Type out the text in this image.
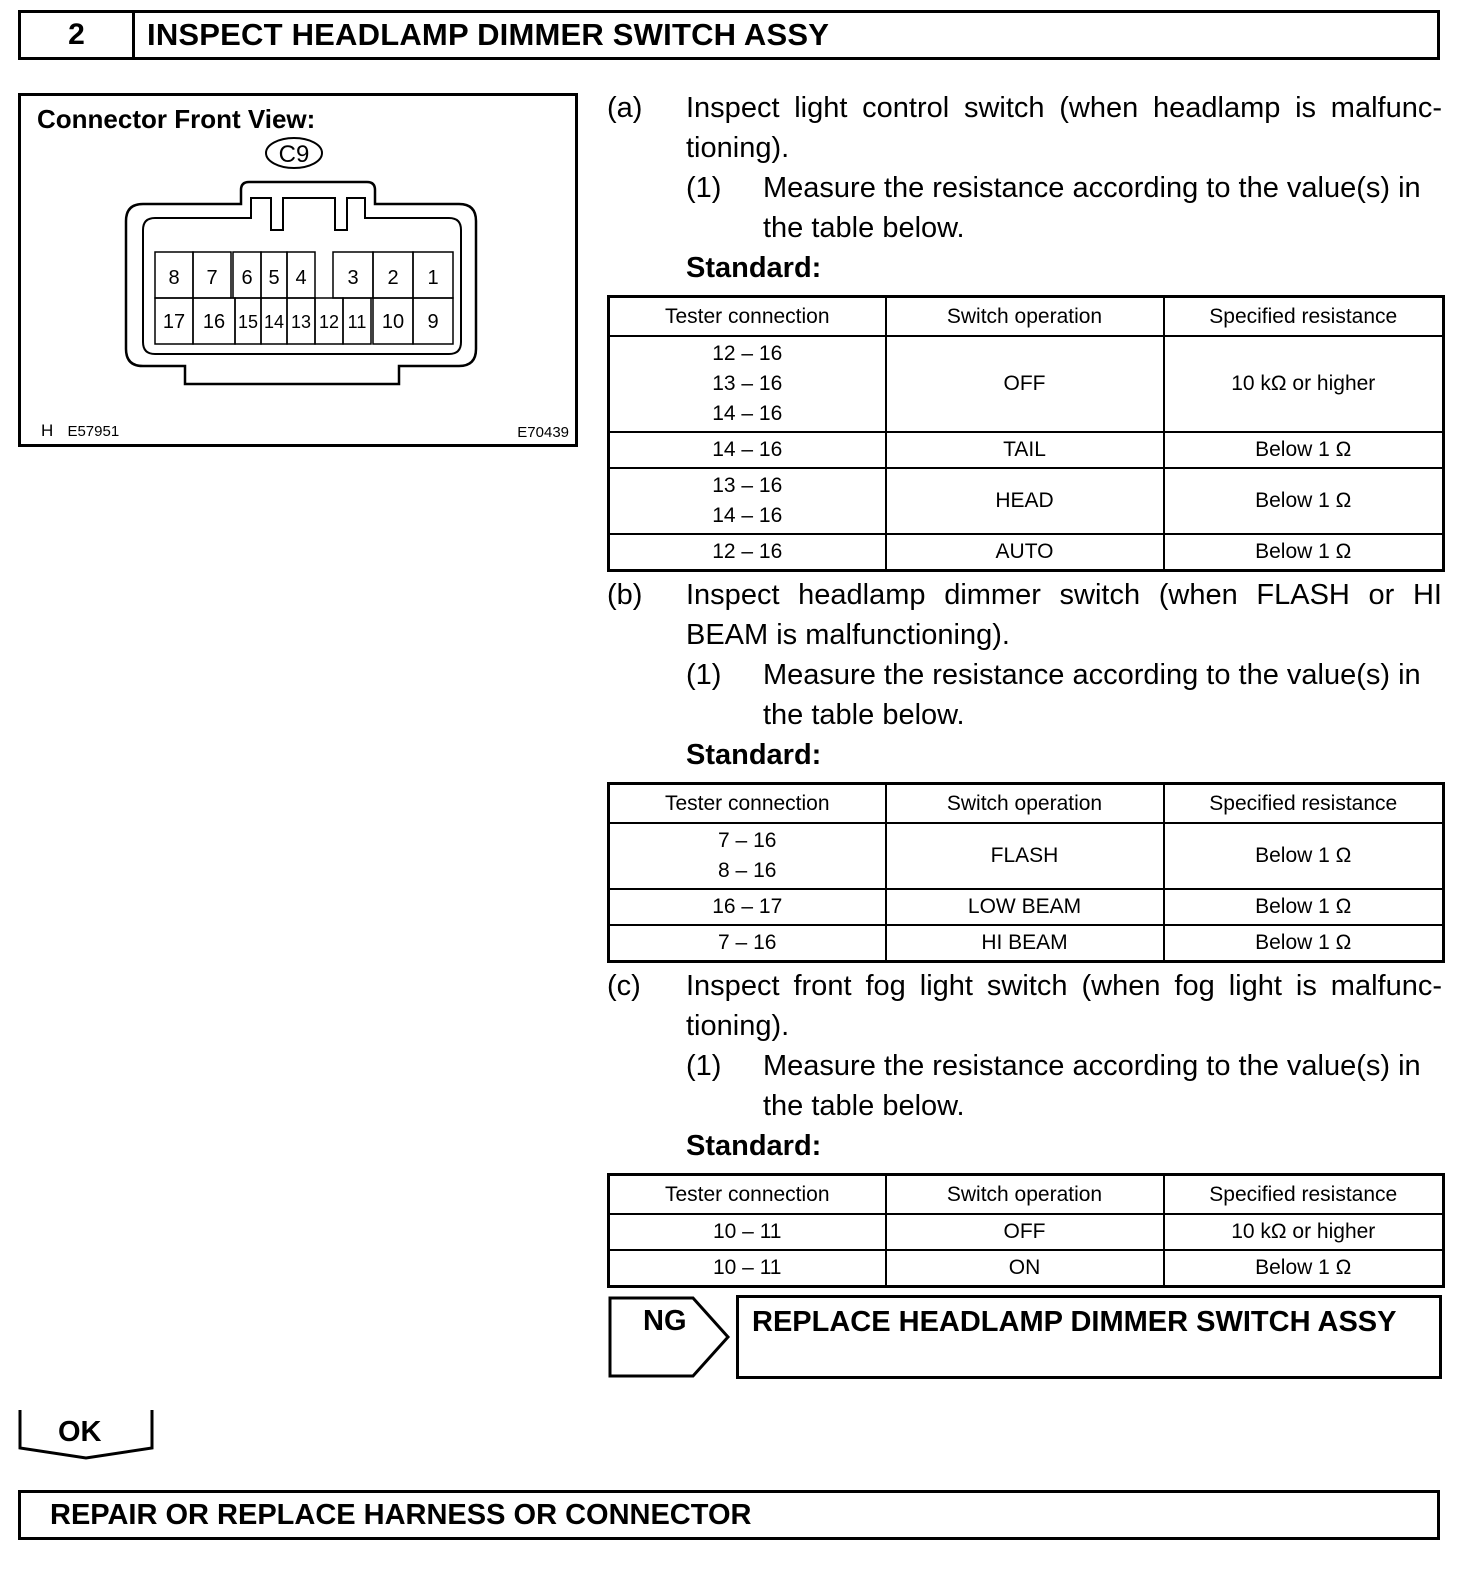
2	INSPECT HEADLAMP DIMMER SWITCH ASSY
Connector Front View:
C9
8 7 6 5 4 3 2 1
17 16 15 14 13 12 11 10 9
H E57951	E70439
(a) Inspect light control switch (when headlamp is malfunc-tioning).
(1) Measure the resistance according to the value(s) in the table below.
Standard:
Tester connection	Switch operation	Specified resistance

12 – 16
13 – 16
14 – 16	OFF	10 kΩ or higher

14 – 16	TAIL	Below 1 Ω

13 – 16
14 – 16	HEAD	Below 1 Ω

12 – 16	AUTO	Below 1 Ω
(b) Inspect headlamp dimmer switch (when FLASH or HI BEAM is malfunctioning).
(1) Measure the resistance according to the value(s) in the table below.
Standard:
Tester connection	Switch operation	Specified resistance

7 – 16
8 – 16	FLASH	Below 1 Ω

16 – 17	LOW BEAM	Below 1 Ω

7 – 16	HI BEAM	Below 1 Ω
(c) Inspect front fog light switch (when fog light is malfunc-tioning).
(1) Measure the resistance according to the value(s) in the table below.
Standard:
Tester connection	Switch operation	Specified resistance

10 – 11	OFF	10 kΩ or higher

10 – 11	ON	Below 1 Ω
NG	REPLACE HEADLAMP DIMMER SWITCH ASSY
OK
REPAIR OR REPLACE HARNESS OR CONNECTOR
